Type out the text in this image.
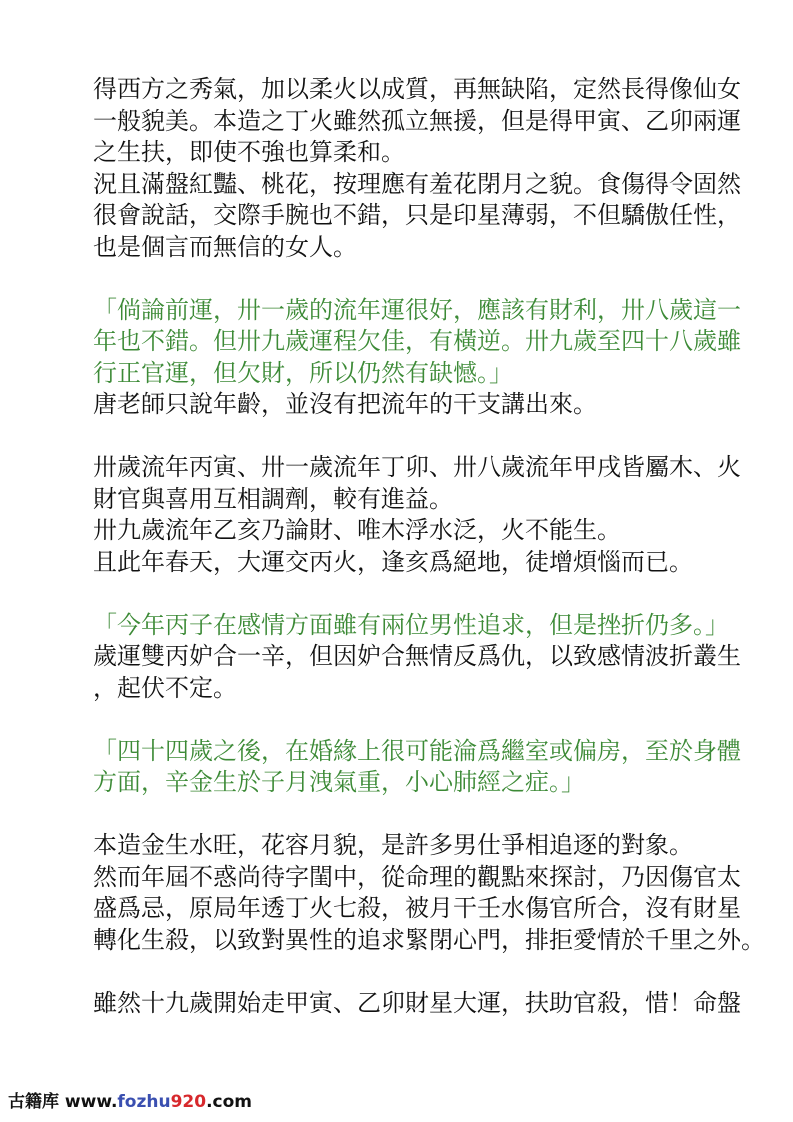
得西方之秀氣，加以柔火以成質，再無缺陷，定然長得像仙女
一般貌美。本造之丁火雖然孤立無援，但是得甲寅、乙卯兩運
之生扶，即使不強也算柔和。
況且滿盤紅豔、桃花，按理應有羞花閉月之貌。食傷得令固然
很會說話，交際手腕也不錯，只是印星薄弱，不但驕傲任性，
也是個言而無信的女人。
「倘論前運，卅一歲的流年運很好，應該有財利，卅八歲這一
年也不錯。但卅九歲運程欠佳，有橫逆。卅九歲至四十八歲雖
行正官運，但欠財，所以仍然有缺憾。」
唐老師只說年齡，並沒有把流年的干支講出來。
卅歲流年丙寅、卅一歲流年丁卯、卅八歲流年甲戌皆屬木、火
財官與喜用互相調劑，較有進益。
卅九歲流年乙亥乃論財、唯木浮水泛，火不能生。
且此年春天，大運交丙火，逢亥爲絕地，徒增煩惱而已。
「今年丙子在感情方面雖有兩位男性追求，但是挫折仍多。」
歲運雙丙妒合一辛，但因妒合無情反爲仇，以致感情波折叢生
，起伏不定。
「四十四歲之後，在婚緣上很可能淪爲繼室或偏房，至於身體
方面，辛金生於子月洩氣重，小心肺經之症。」
本造金生水旺，花容月貌，是許多男仕爭相追逐的對象。
然而年屆不惑尚待字閨中，從命理的觀點來探討，乃因傷官太
盛爲忌，原局年透丁火七殺，被月干壬水傷官所合，沒有財星
轉化生殺，以致對異性的追求緊閉心門，排拒愛情於千里之外。
雖然十九歲開始走甲寅、乙卯財星大運，扶助官殺，惜！命盤
古籍库 www.fozhu920.com
